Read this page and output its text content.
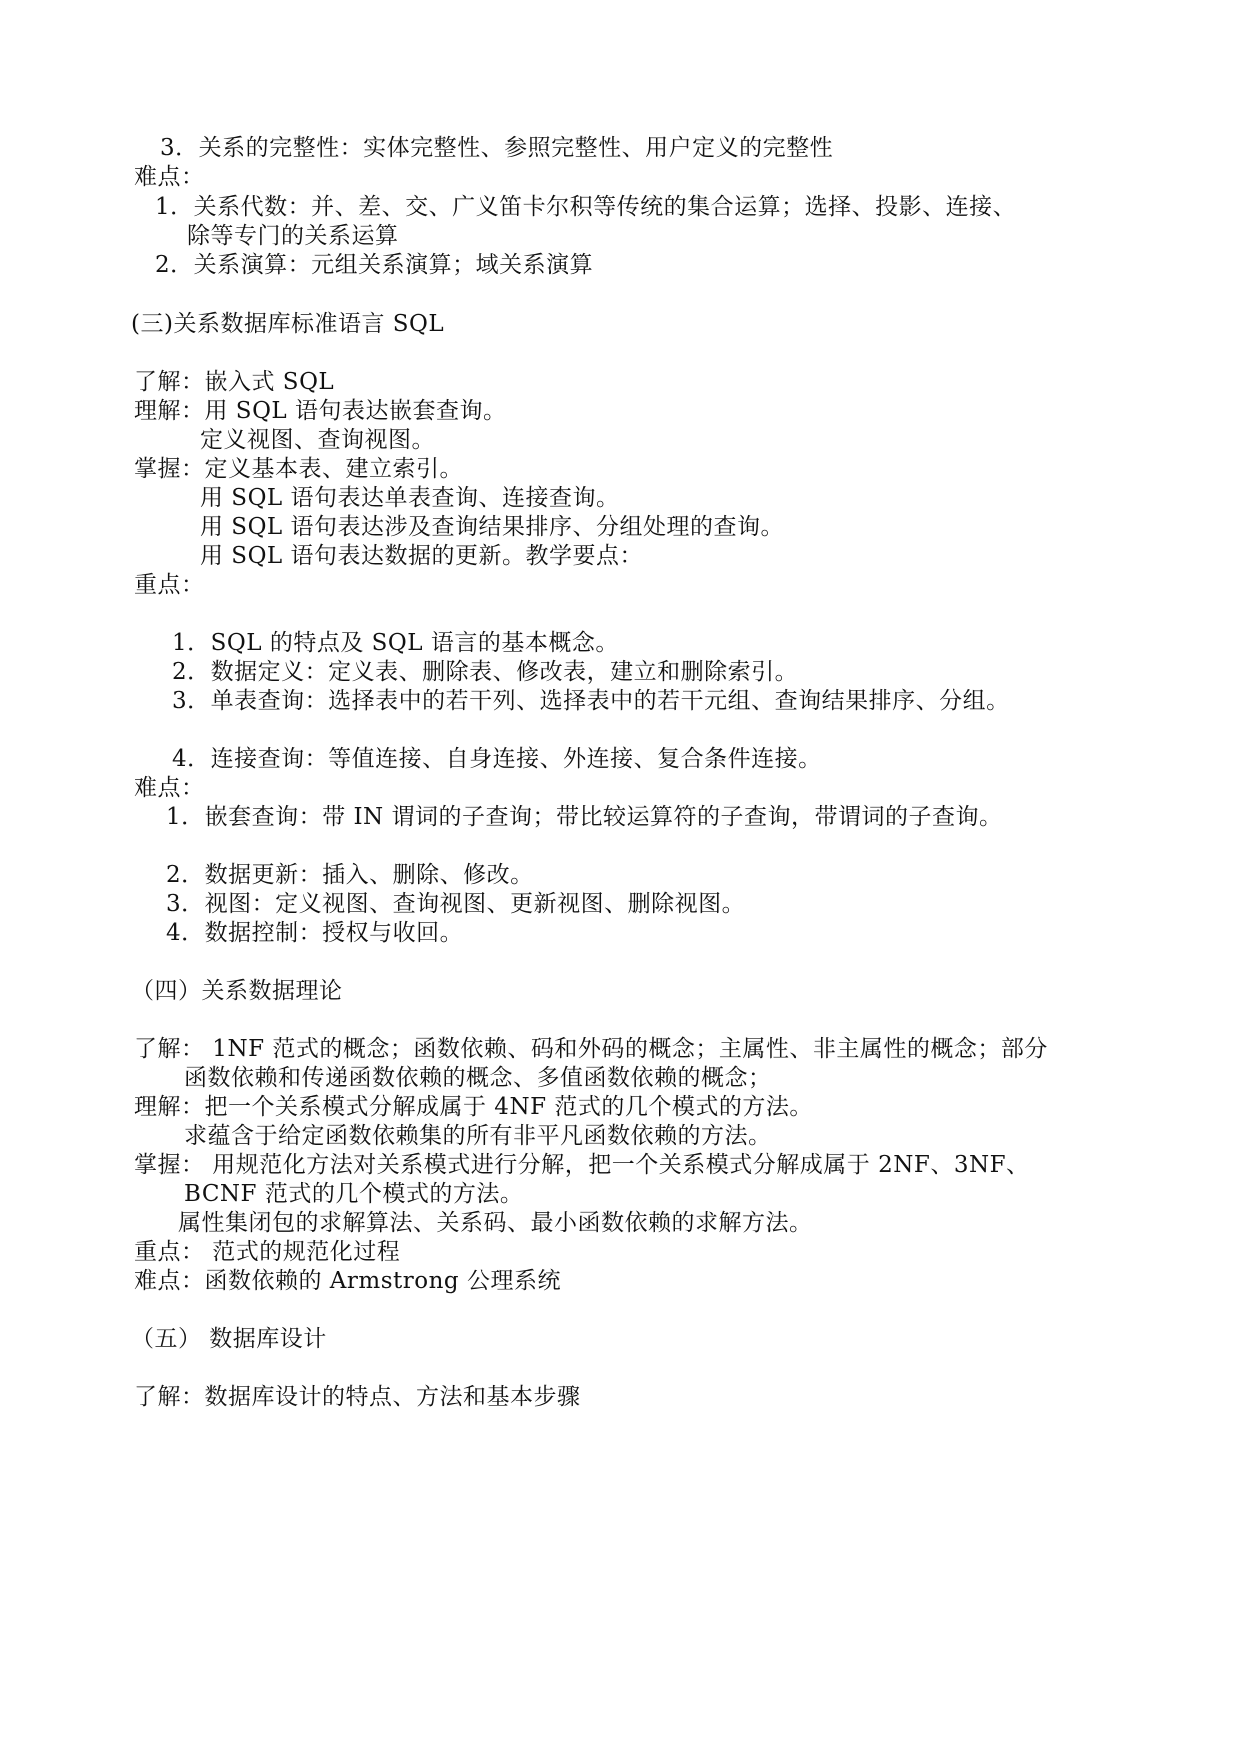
3．关系的完整性：实体完整性、参照完整性、用户定义的完整性
难点：
1．关系代数：并、差、交、广义笛卡尔积等传统的集合运算；选择、投影、连接、
除等专门的关系运算
2．关系演算：元组关系演算；域关系演算
(三)关系数据库标准语言 SQL
了解：嵌入式 SQL
理解：用 SQL 语句表达嵌套查询。
定义视图、查询视图。
掌握：定义基本表、建立索引。
用 SQL 语句表达单表查询、连接查询。
用 SQL 语句表达涉及查询结果排序、分组处理的查询。
用 SQL 语句表达数据的更新。教学要点：
重点：
1．SQL 的特点及 SQL 语言的基本概念。
2．数据定义：定义表、删除表、修改表，建立和删除索引。
3．单表查询：选择表中的若干列、选择表中的若干元组、查询结果排序、分组。
4．连接查询：等值连接、自身连接、外连接、复合条件连接。
难点：
1．嵌套查询：带 IN 谓词的子查询；带比较运算符的子查询，带谓词的子查询。
2．数据更新：插入、删除、修改。
3．视图：定义视图、查询视图、更新视图、删除视图。
4．数据控制：授权与收回。
（四）关系数据理论
了解： 1NF 范式的概念；函数依赖、码和外码的概念；主属性、非主属性的概念；部分
函数依赖和传递函数依赖的概念、多值函数依赖的概念；
理解：把一个关系模式分解成属于 4NF 范式的几个模式的方法。
求蕴含于给定函数依赖集的所有非平凡函数依赖的方法。
掌握： 用规范化方法对关系模式进行分解，把一个关系模式分解成属于 2NF、3NF、
BCNF 范式的几个模式的方法。
属性集闭包的求解算法、关系码、最小函数依赖的求解方法。
重点： 范式的规范化过程
难点：函数依赖的 Armstrong 公理系统
（五） 数据库设计
了解：数据库设计的特点、方法和基本步骤
